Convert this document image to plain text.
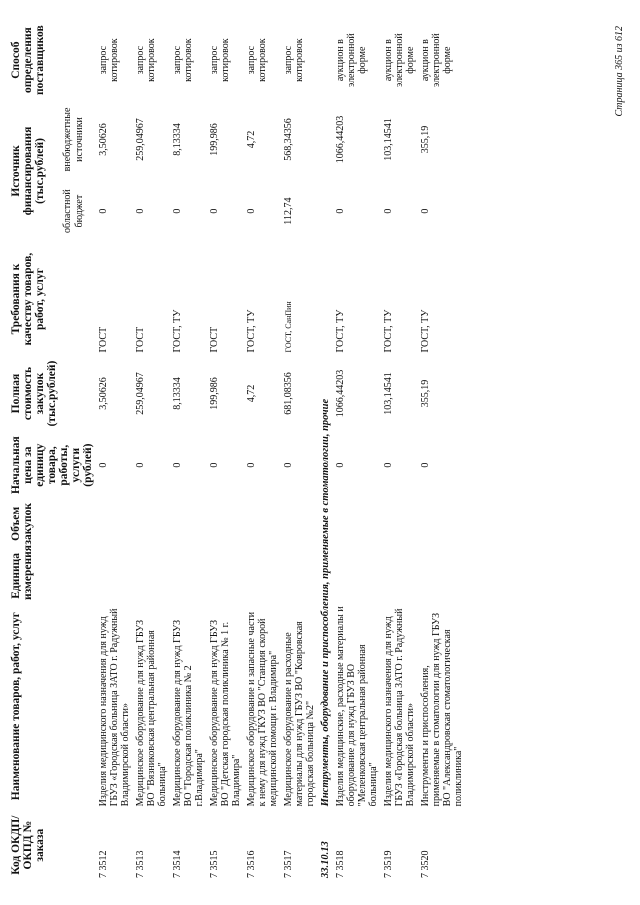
Код ОКДП/ ОКПД № заказа	Наименование товаров, работ, услуг	Единица измерения	Объем закупок	Начальная цена за единицу товара, работы, услуги (рублей)	Полная стоимость закупок (тыс.рублей)	Требования к качеству товаров, работ, услуг	Источник финансирования (тыс.рублей)		Способ определения поставщиков
							областной бюджет	внебюджетные источники	
7 3512	Изделия медицинского назначения для нужд ГБУЗ «Городская больница ЗАТО г. Радужный Владимирской области»			0	3,50626	ГОСТ	0	3,50626	запрос котировок
7 3513	Медицинское оборудование для нужд ГБУЗ ВО "Вязниковская центральная районная больница"			0	259,04967	ГОСТ	0	259,04967	запрос котировок
7 3514	Медицинское оборудование для нужд ГБУЗ ВО "Городская поликлиника № 2 г.Владимира"			0	8,13334	ГОСТ, ТУ	0	8,13334	запрос котировок
7 3515	Медицинское оборудование для нужд ГБУЗ ВО "Детская городская поликлиника № 1 г. Владимира"			0	199,986	ГОСТ	0	199,986	запрос котировок
7 3516	Медицинское оборудование и запасные части к нему для нужд ГКУЗ ВО "Станция скорой медицинской помощи г. Владимира"			0	4,72	ГОСТ, ТУ	0	4,72	запрос котировок
7 3517	Медицинское оборудование и расходные материалы для нужд ГБУЗ ВО "Ковровская городская больница №2"			0	681,08356	ГОСТ, СанПин	112,74	568,34356	запрос котировок
33.10.13	Инструменты, оборудование и приспособления, применяемые в стоматологии, прочие								
7 3518	Изделия медицинские, расходные материалы и оборудование для нужд ГБУЗ ВО "Меленковская центральная районная больница"			0	1066,44203	ГОСТ, ТУ	0	1066,44203	аукцион в электронной форме
7 3519	Изделия медицинского назначения для нужд ГБУЗ «Городская больница ЗАТО г. Радужный Владимирской области»			0	103,14541	ГОСТ, ТУ	0	103,14541	аукцион в электронной форме
7 3520	Инструменты и приспособления, применяемые в стоматологии для нужд ГБУЗ ВО "Александровская стоматологическая поликлиника"			0	355,19	ГОСТ, ТУ	0	355,19	аукцион в электронной форме	Страница 365 из 612
